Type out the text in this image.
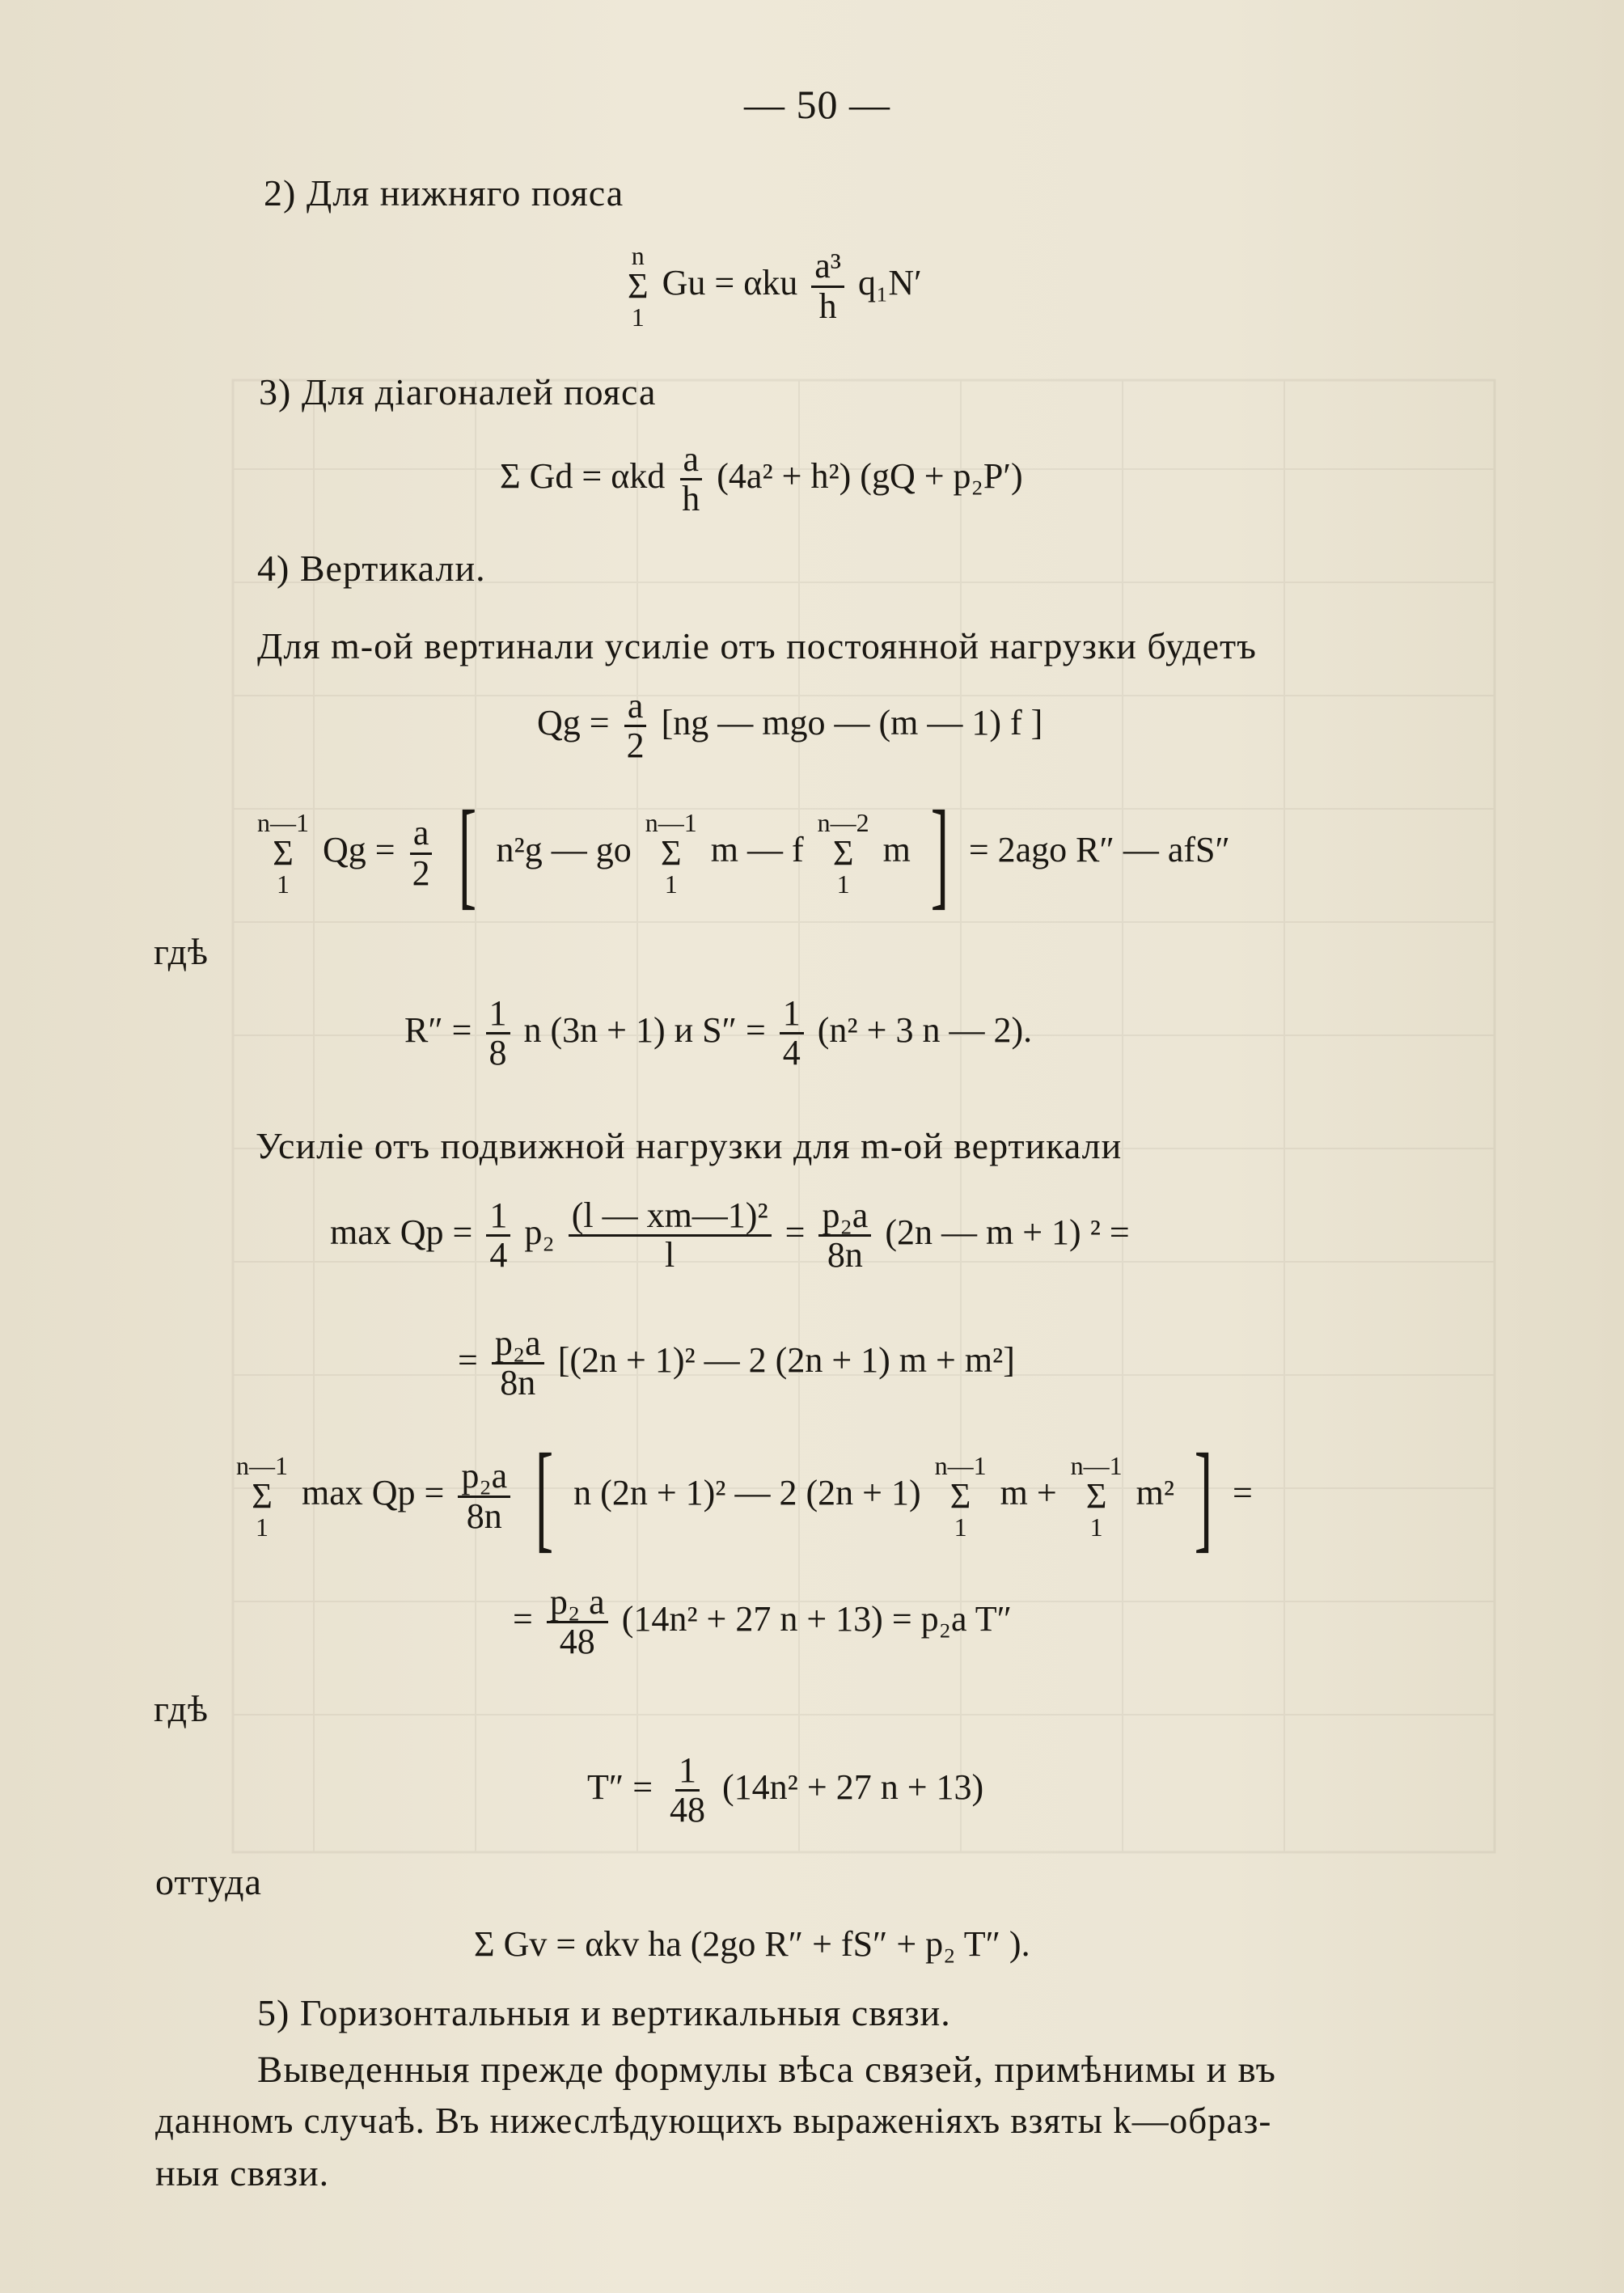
— 50 —
2) Для нижняго пояса
n
Σ
1
Gu = αku $\frac{\text{a³}}{h} q_1N'$
3) Для діагоналей пояса
Σ Gd = αkd $\frac{a}{h} (4a^2 + h^2) (gQ + p_2P')$
4) Вертикали.
Для m-ой вертинали усиліе отъ постоянной нагрузки будетъ
$Qg = \frac{a}{2} [ng$ — mgo — (m — 1) f ]
n—1
Σ
1
$Qg = \frac{a}{2}$ [ n²g — go
n—1
Σ
1
m — f
n—2
Σ
1
m ] = 2ago R″ — afS″
гдѣ
$R'' = \frac{1}{8}$ n (3n + 1) и $S'' = \frac{1}{4} (n^2 + 3$ n — 2).
Усиліе отъ подвижной нагрузки для m-ой вертикали
$\max Qp = \frac{1}{4} p_2 \frac{\text{(l — xm—1)²}}{l} = \frac{\text{p₂a}}{8n} (2n$ — m + 1) ² =
= $\frac{\text{p₂a}}{8n} [(2n + 1)^2$ — 2 (2n + 1) m + m²]
n—1
Σ
1
$\max Qp = \frac{\text{p₂a}}{8n}$ [ n (2n + 1)² — 2 (2n + 1)
n—1
Σ
1
m +
n—1
Σ
1
m² ] =
= $\frac{\text{p₂ a}}{48} (14n^2 + 27$ n + 13) = p₂a T″
гдѣ
$T'' = \frac{1}{48} (14n^2 + 27$ n + 13)
оттуда
Σ Gv = αkv ha (2go R″ + fS″ + p₂ T″ ).
5) Горизонтальныя и вертикальныя связи.
Выведенныя прежде формулы вѣса связей, примѣнимы и въ
данномъ случаѣ. Въ нижеслѣдующихъ выраженіяхъ взяты k—образ-
ныя связи.
